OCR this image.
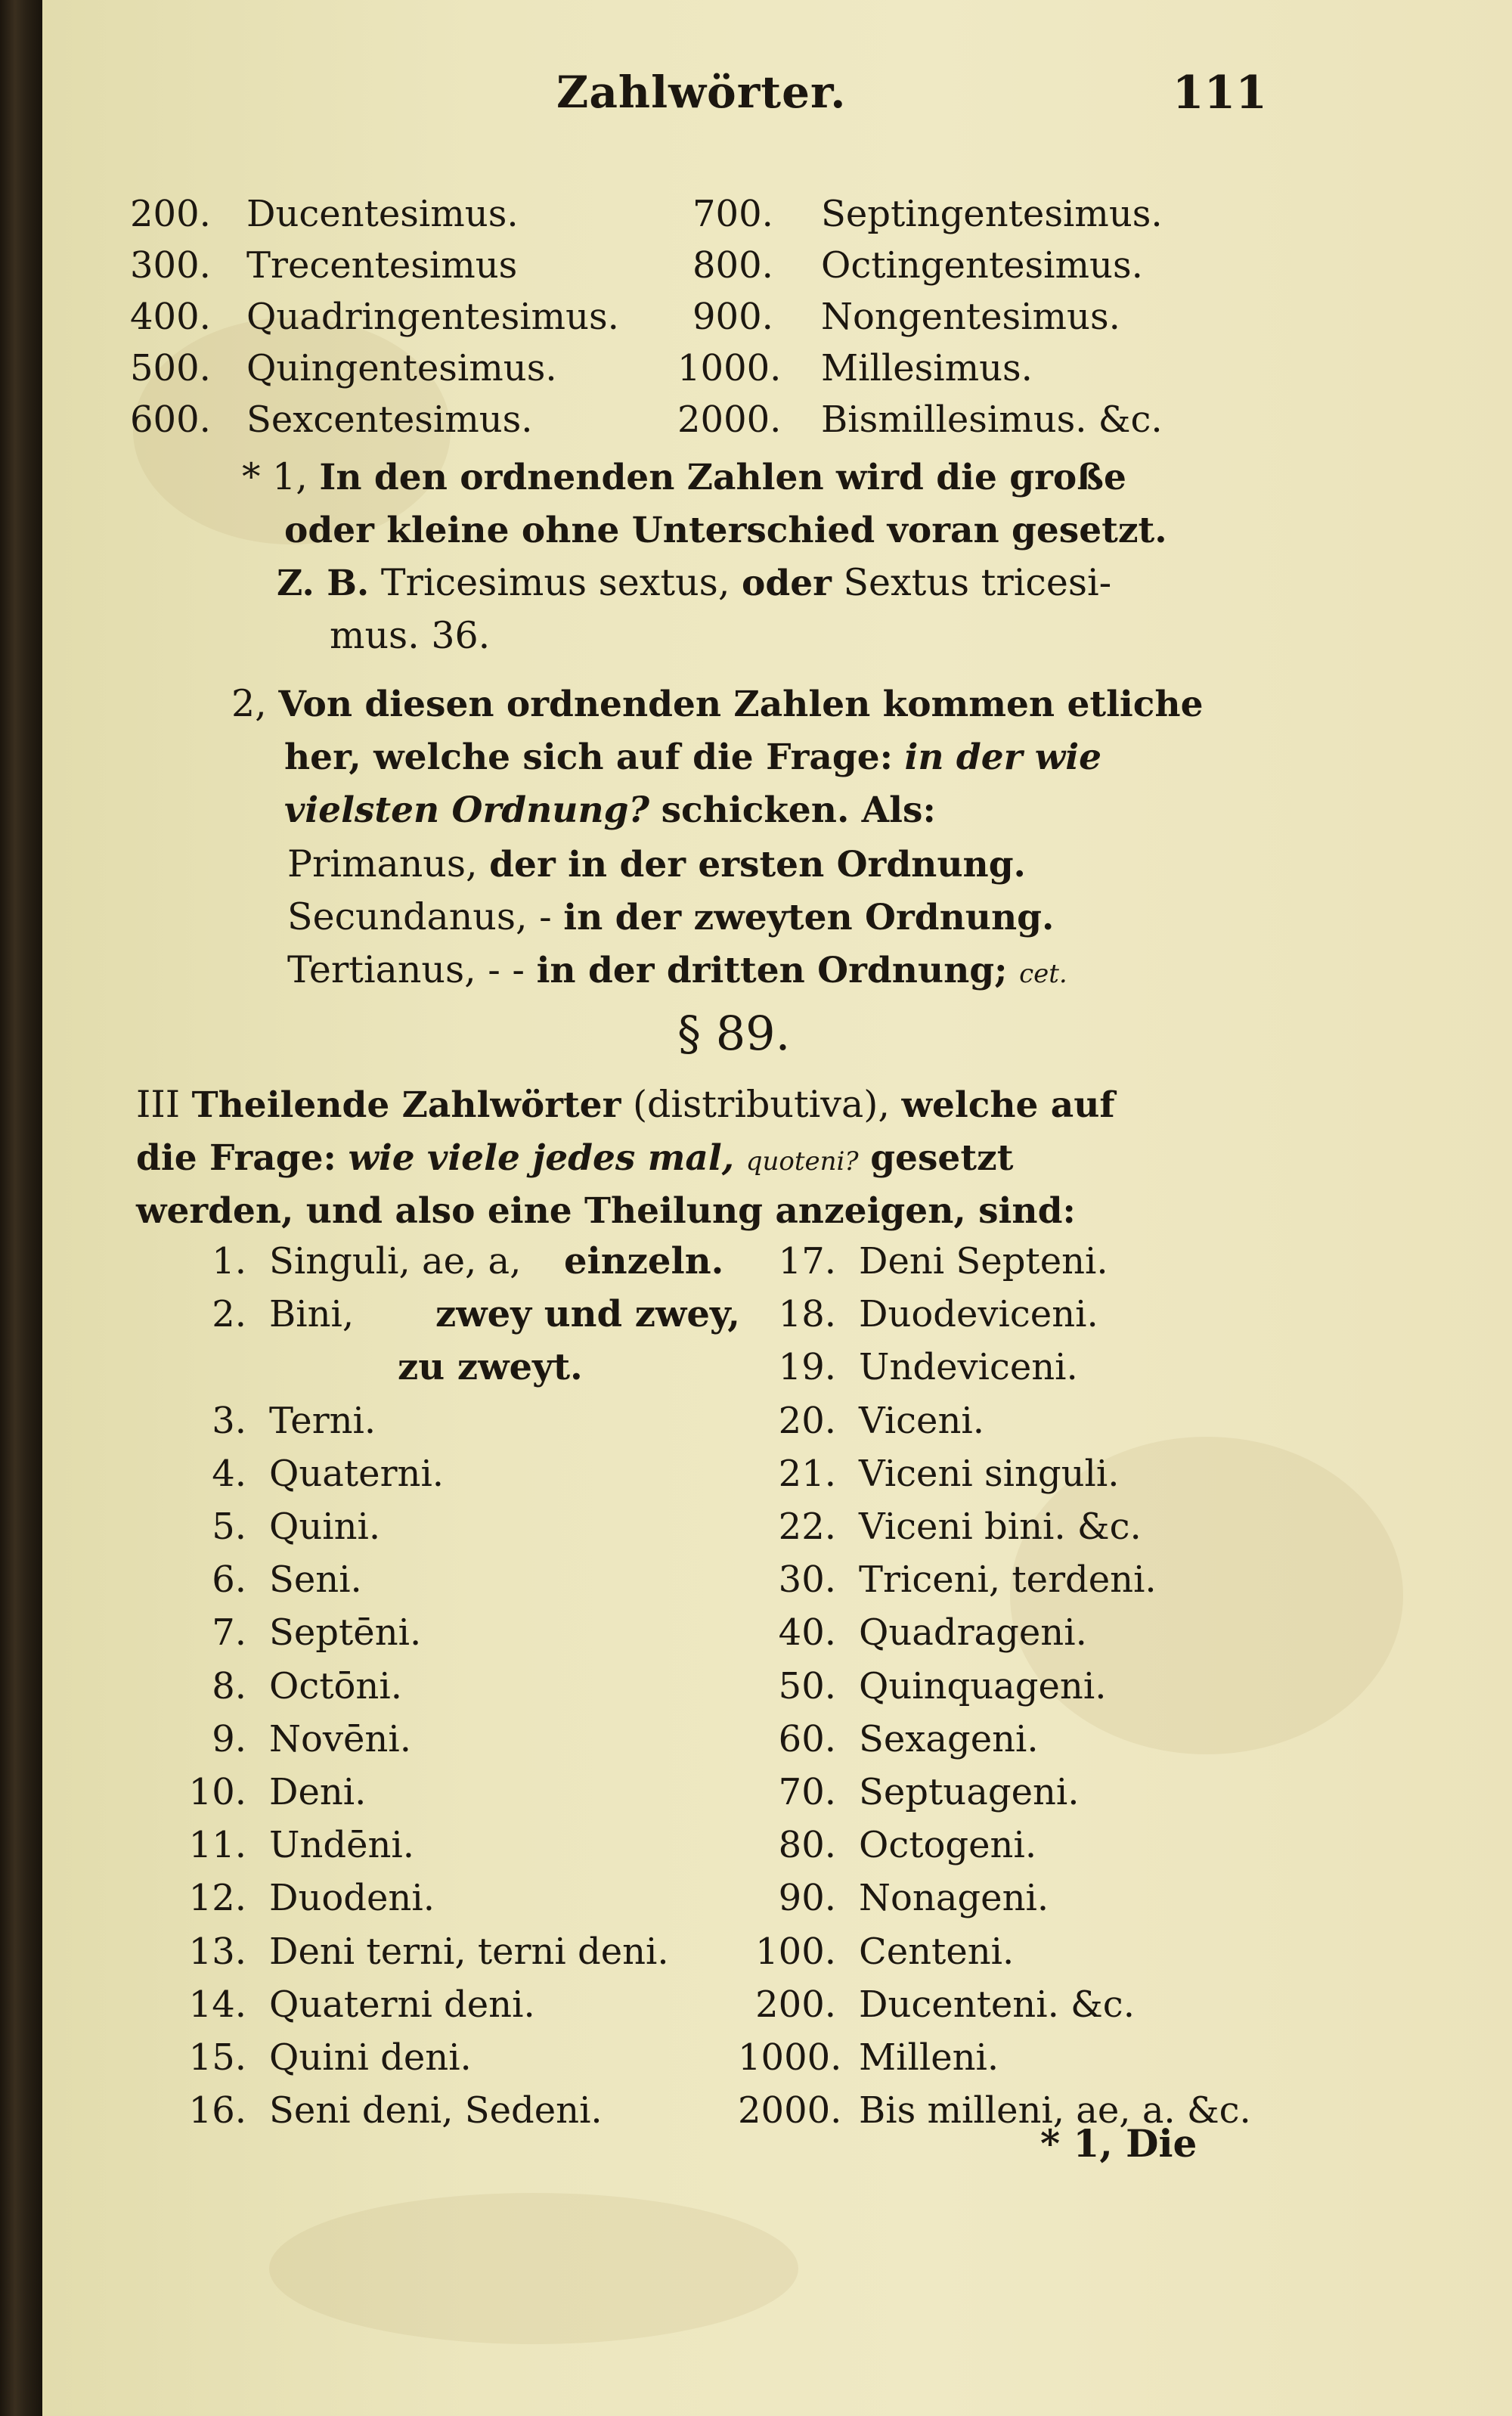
Zahlwörter.	111
200. Ducentesimus.	700. Septingentesimus.
300. Trecentesimus	800. Octingentesimus.
400. Quadringentesimus. 900. Nongentesimus.
500. Quingentesimus.	1000. Millesimus.
600. Sexcentesimus.	2000. Bismillesimus. &c.
* 1, In den ordnenden Zahlen wird die große
oder kleine ohne Unterschied voran gesetzt.
Z. B. Tricesimus sextus, oder Sextus tricesi-
mus. 36.
2, Von diesen ordnenden Zahlen kommen etliche
her, welche sich auf die Frage: in der wie
vielsten Ordnung? schicken. Als:
Primanus, der in der ersten Ordnung.
Secundanus, - in der zweyten Ordnung.
Tertianus, - - in der dritten Ordnung; cet.
§ 89.
III Theilende Zahlwörter (distributiva), welche auf
die Frage: wie viele jedes mal, quoteni? gesetzt
werden, und also eine Theilung anzeigen, sind:
1. Singuli, ae, a, einzeln.
2. Bini, zwey und zwey,
zu zweyt.
3. Terni.
4. Quaterni.
5. Quini.
6. Seni.
7. Septēni.
8. Octōni.
9. Novēni.
10. Deni.
11. Undēni.
12. Duodeni.
13. Deni terni, terni deni.
14. Quaterni deni.
15. Quini deni.
16. Seni deni, Sedeni.
17. Deni Septeni.
18. Duodeviceni.
19. Undeviceni.
20. Viceni.
21. Viceni singuli.
22. Viceni bini. &c.
30. Triceni, terdeni.
40. Quadrageni.
50. Quinquageni.
60. Sexageni.
70. Septuageni.
80. Octogeni.
90. Nonageni.
100. Centeni.
200. Ducenteni. &c.
1000. Milleni.
2000. Bis milleni, ae, a. &c.
* 1, Die
